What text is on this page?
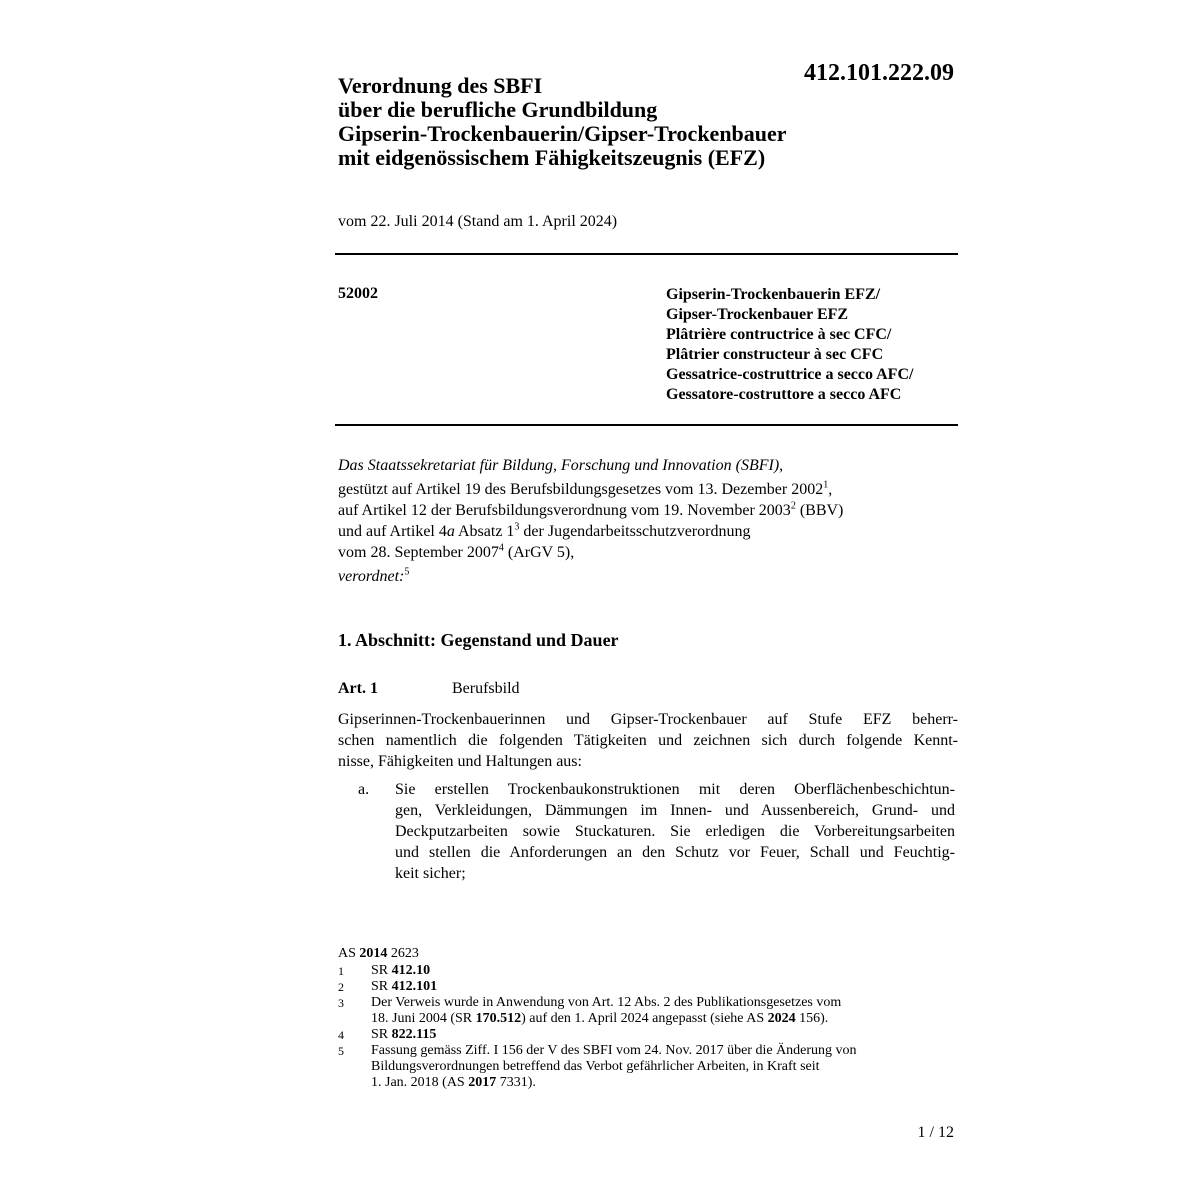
412.101.222.09
Verordnung des SBFI
über die berufliche Grundbildung
Gipserin-Trockenbauerin/Gipser-Trockenbauer
mit eidgenössischem Fähigkeitszeugnis (EFZ)
vom 22. Juli 2014 (Stand am 1. April 2024)
52002	Gipserin-Trockenbauerin EFZ/
Gipser-Trockenbauer EFZ
Plâtrière contructrice à sec CFC/
Plâtrier constructeur à sec CFC
Gessatrice-costruttrice a secco AFC/
Gessatore-costruttore a secco AFC
Das Staatssekretariat für Bildung, Forschung und Innovation (SBFI),
gestützt auf Artikel 19 des Berufsbildungsgesetzes vom 13. Dezember 2002$^1$,
auf Artikel 12 der Berufsbildungsverordnung vom 19. November 2003$^2$ (BBV)
und auf Artikel 4a Absatz $1^3$ der Jugendarbeitsschutzverordnung
vom 28. September 2007$^4$ (ArGV 5),
verordnet:$^5$
1. Abschnitt: Gegenstand und Dauer
Art. 1	Berufsbild
Gipserinnen-Trockenbauerinnen und Gipser-Trockenbauer auf Stufe EFZ beherr-
schen namentlich die folgenden Tätigkeiten und zeichnen sich durch folgende Kennt-
nisse, Fähigkeiten und Haltungen aus:
a. Sie erstellen Trockenbaukonstruktionen mit deren Oberflächenbeschichtun-
gen, Verkleidungen, Dämmungen im Innen- und Aussenbereich, Grund- und
Deckputzarbeiten sowie Stuckaturen. Sie erledigen die Vorbereitungsarbeiten
und stellen die Anforderungen an den Schutz vor Feuer, Schall und Feuchtig-
keit sicher;
AS 2014 2623
1	SR 412.10
2	SR 412.101
3	Der Verweis wurde in Anwendung von Art. 12 Abs. 2 des Publikationsgesetzes vom
18. Juni 2004 (SR 170.512) auf den 1. April 2024 angepasst (siehe AS 2024 156).
4	SR 822.115
5	Fassung gemäss Ziff. I 156 der V des SBFI vom 24. Nov. 2017 über die Änderung von
Bildungsverordnungen betreffend das Verbot gefährlicher Arbeiten, in Kraft seit
1. Jan. 2018 (AS 2017 7331).
1 / 12
